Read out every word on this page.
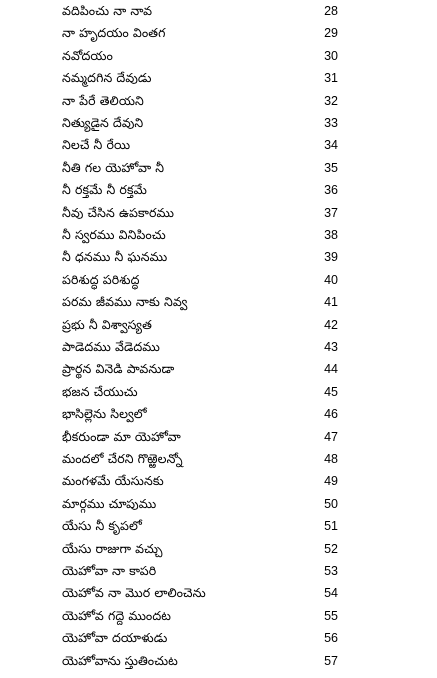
వదిపించు నా నావ	28
నా హృదయం వింతగ	29
నవోదయం	30
నమ్మదగిన దేవుడు	31
నా పేరే తెలియని	32
నిత్యుడైన దేవుని	33
నిలచే నీ రేయి	34
నీతి గల యెహోవా నీ	35
నీ రక్తమే నీ రక్తమే	36
నీవు చేసిన ఉపకారము	37
నీ స్వరము వినిపించు	38
నీ ధనము నీ ఘనము	39
పరిశుద్ధ పరిశుద్ధ	40
పరమ జీవము నాకు నివ్వ	41
ప్రభు నీ విశ్వాస్యత	42
పాడెదము వేడెదము	43
ప్రార్థన వినెడి పావనుడా	44
భజన చేయుచు	45
భాసిల్లెను సిల్వలో	46
భీకరుండా మా యెహోవా	47
మందలో చేరని గొఱ్ఱెలన్నో	48
మంగళమే యేసునకు	49
మార్గము చూపుము	50
యేసు నీ కృపలో	51
యేసు రాజుగా వచ్చు	52
యెహోవా నా కాపరి	53
యెహోవ నా మొర లాలించెను	54
యెహోవ గద్దె ముందట	55
యెహోవా దయాళుడు	56
యెహోవాను స్తుతించుట	57
